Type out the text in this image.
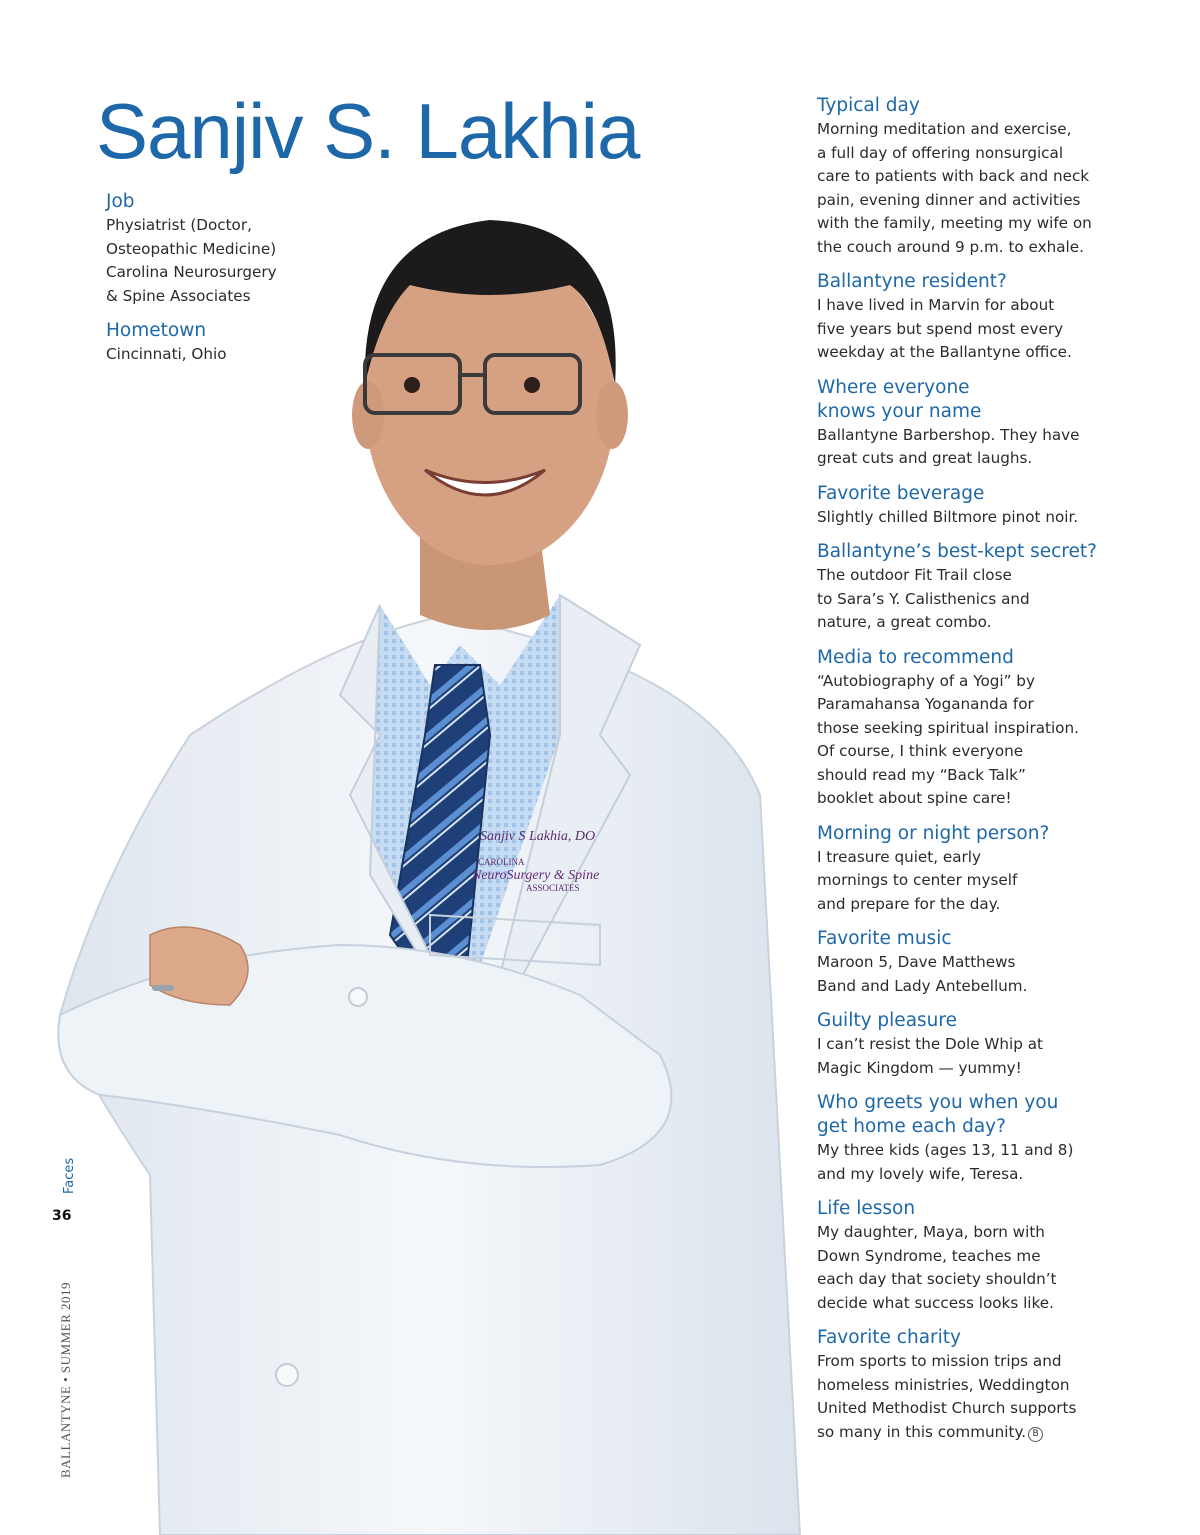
Sanjiv S. Lakhia
Sanjiv S Lakhia, DO
CAROLINA
NeuroSurgery & Spine
ASSOCIATES
Job

Physiatrist (Doctor,
Osteopathic Medicine)
Carolina Neurosurgery
& Spine Associates

Hometown

Cincinnati, Ohio

Typical day

Morning meditation and exercise,
a full day of offering nonsurgical
care to patients with back and neck
pain, evening dinner and activities
with the family, meeting my wife on
the couch around 9 p.m. to exhale.

Ballantyne resident?

I have lived in Marvin for about
five years but spend most every
weekday at the Ballantyne office.

Where everyone
knows your name

Ballantyne Barbershop. They have
great cuts and great laughs.

Favorite beverage

Slightly chilled Biltmore pinot noir.

Ballantyne’s best-kept secret?

The outdoor Fit Trail close
to Sara’s Y. Calisthenics and
nature, a great combo.

Media to recommend

“Autobiography of a Yogi” by
Paramahansa Yogananda for
those seeking spiritual inspiration.
Of course, I think everyone
should read my “Back Talk”
booklet about spine care!

Morning or night person?

I treasure quiet, early
mornings to center myself
and prepare for the day.

Favorite music

Maroon 5, Dave Matthews
Band and Lady Antebellum.

Guilty pleasure

I can’t resist the Dole Whip at
Magic Kingdom — yummy!

Who greets you when you
get home each day?

My three kids (ages 13, 11 and 8)
and my lovely wife, Teresa.

Life lesson

My daughter, Maya, born with
Down Syndrome, teaches me
each day that society shouldn’t
decide what success looks like.

Favorite charity

From sports to mission trips and
homeless ministries, Weddington
United Methodist Church supports
so many in this community. B

Faces
36
BALLANTYNE • SUMMER 2019
